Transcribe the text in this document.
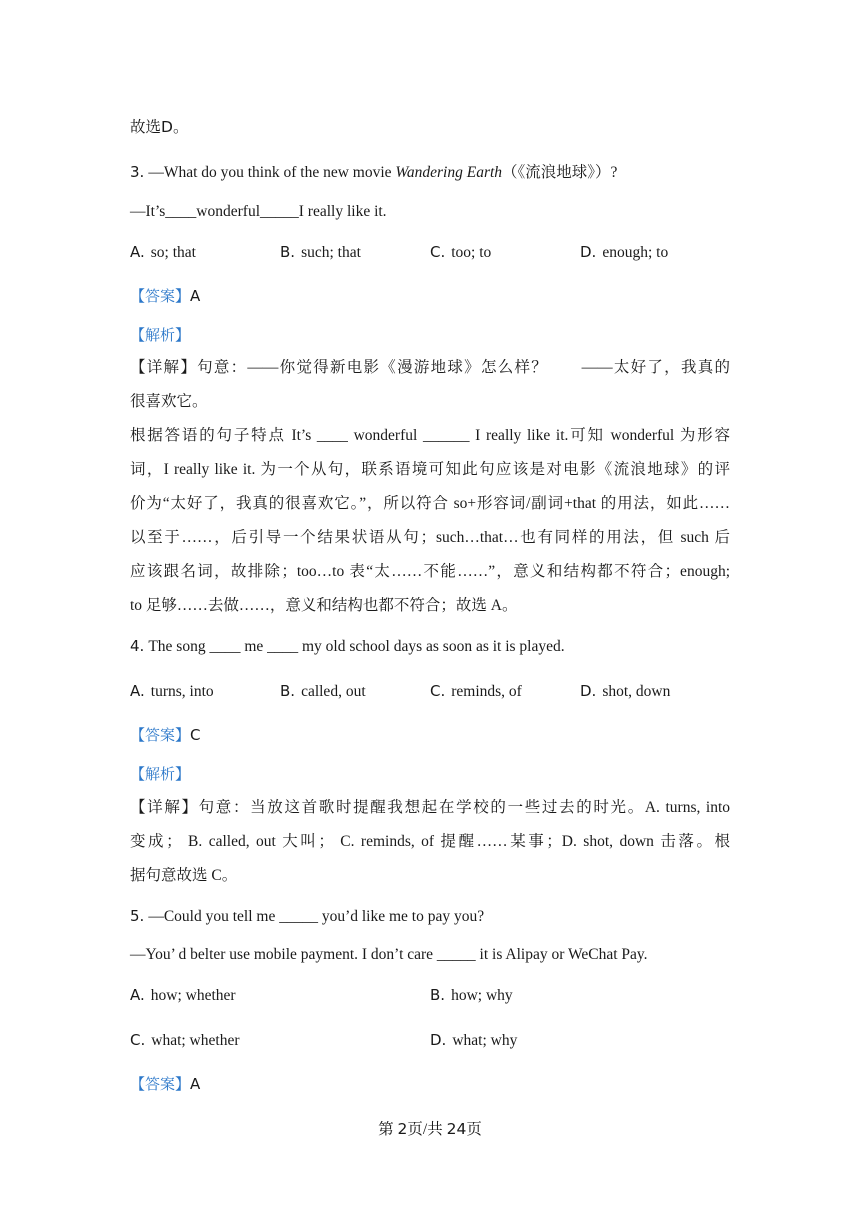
故选D。
3. —What do you think of the new movie Wandering Earth（《流浪地球》）?
—It’s____wonderful_____I really like it.
A. so; that	B. such; that	C. too; to	D. enough; to
【答案】A
【解析】
【详解】句意：——你觉得新电影《漫游地球》怎么样？　　——太好了，我真的
很喜欢它。
根据答语的句子特点 It’s ____ wonderful ______ I really like it.可知 wonderful 为形容
词，I really like it. 为一个从句，联系语境可知此句应该是对电影《流浪地球》的评
价为“太好了，我真的很喜欢它。”，所以符合 so+形容词/副词+that 的用法，如此……
以至于……，后引导一个结果状语从句；such…that…也有同样的用法，但 such 后
应该跟名词，故排除；too…to 表“太……不能……”，意义和结构都不符合；enough;
to 足够……去做……，意义和结构也都不符合；故选 A。
4. The song ____ me ____ my old school days as soon as it is played.
A. turns, into	B. called, out	C. reminds, of	D. shot, down
【答案】C
【解析】
【详解】句意：当放这首歌时提醒我想起在学校的一些过去的时光。A. turns, into
变成； B. called, out 大叫； C. reminds, of 提醒……某事；D. shot, down 击落。根
据句意故选 C。
5. —Could you tell me _____ you’d like me to pay you?
—You’ d belter use mobile payment. I don’t care _____ it is Alipay or WeChat Pay.
A. how; whether	B. how; why
C. what; whether	D. what; why
【答案】A
第 2页/共 24页
